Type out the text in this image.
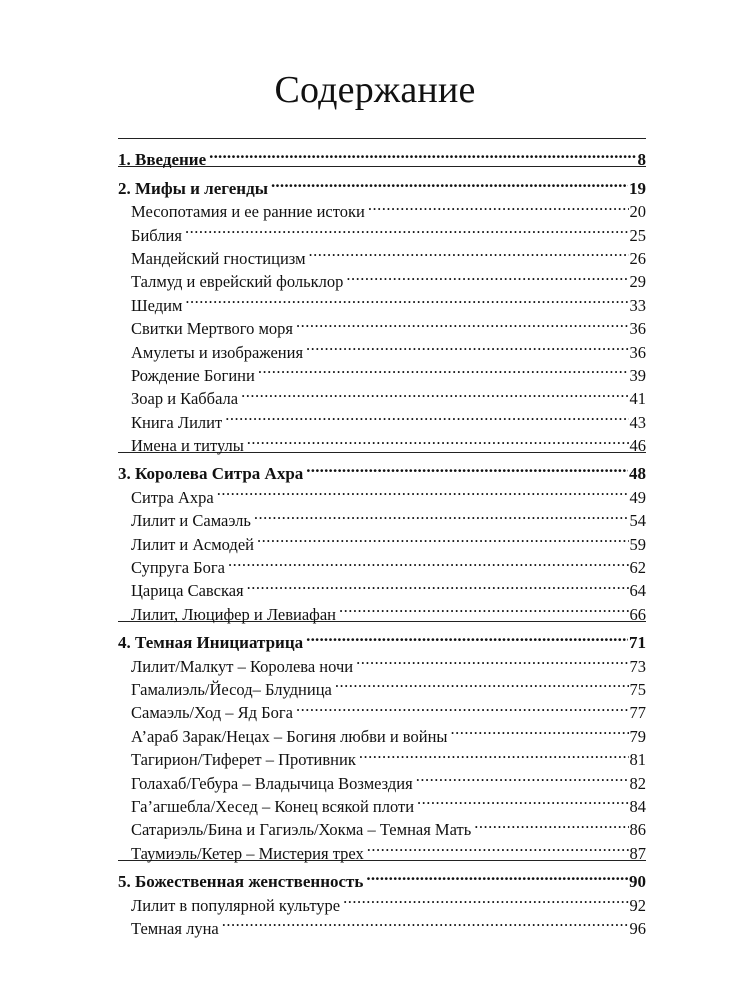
Содержание
1. Введение .....	8
2. Мифы и легенды .....	19
Месопотамия и ее ранние истоки .....	20
Библия .....	25
Мандейский гностицизм .....	26
Талмуд и еврейский фольклор .....	29
Шедим .....	33
Свитки Мертвого моря .....	36
Амулеты и изображения .....	36
Рождение Богини .....	39
Зоар и Каббала .....	41
Книга Лилит .....	43
Имена и титулы .....	46
3. Королева Ситра Ахра .....	48
Ситра Ахра .....	49
Лилит и Самаэль .....	54
Лилит и Асмодей .....	59
Супруга Бога .....	62
Царица Савская .....	64
Лилит, Люцифер и Левиафан .....	66
4. Темная Инициатрица .....	71
Лилит/Малкут – Королева ночи .....	73
Гамалиэль/Йесод– Блудница .....	75
Самаэль/Ход – Яд Бога .....	77
А’араб Зарак/Нецах – Богиня любви и войны .....	79
Тагирион/Тиферет – Противник .....	81
Голахаб/Гебура – Владычица Возмездия .....	82
Га’агшебла/Хесед – Конец всякой плоти .....	84
Сатариэль/Бина и Гагиэль/Хокма – Темная Мать .....	86
Таумиэль/Кетер – Мистерия трех .....	87
5. Божественная женственность .....	90
Лилит в популярной культуре .....	92
Темная луна .....	96
